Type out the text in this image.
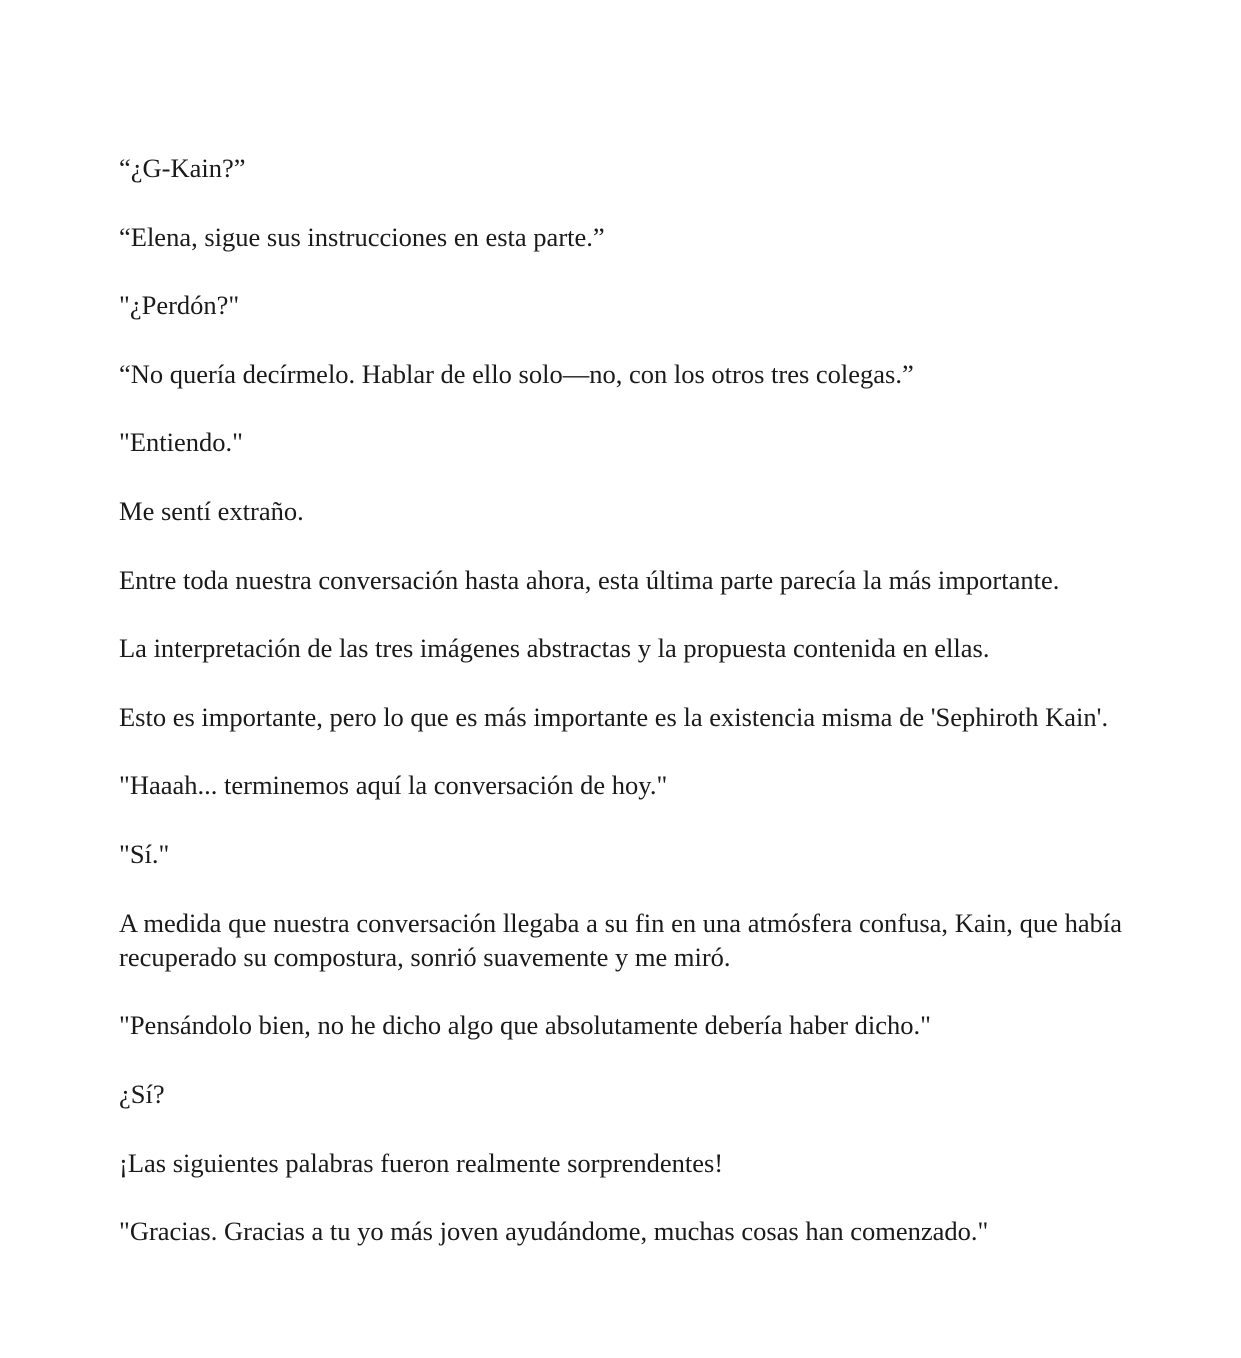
“¿G-Kain?”

“Elena, sigue sus instrucciones en esta parte.”

"¿Perdón?"

“No quería decírmelo. Hablar de ello solo—no, con los otros tres colegas.”

"Entiendo."

Me sentí extraño.

Entre toda nuestra conversación hasta ahora, esta última parte parecía la más importante.

La interpretación de las tres imágenes abstractas y la propuesta contenida en ellas.

Esto es importante, pero lo que es más importante es la existencia misma de 'Sephiroth Kain'.

"Haaah... terminemos aquí la conversación de hoy."

"Sí."

A medida que nuestra conversación llegaba a su fin en una atmósfera confusa, Kain, que había recuperado su compostura, sonrió suavemente y me miró.

"Pensándolo bien, no he dicho algo que absolutamente debería haber dicho."

¿Sí?

¡Las siguientes palabras fueron realmente sorprendentes!

"Gracias. Gracias a tu yo más joven ayudándome, muchas cosas han comenzado."
